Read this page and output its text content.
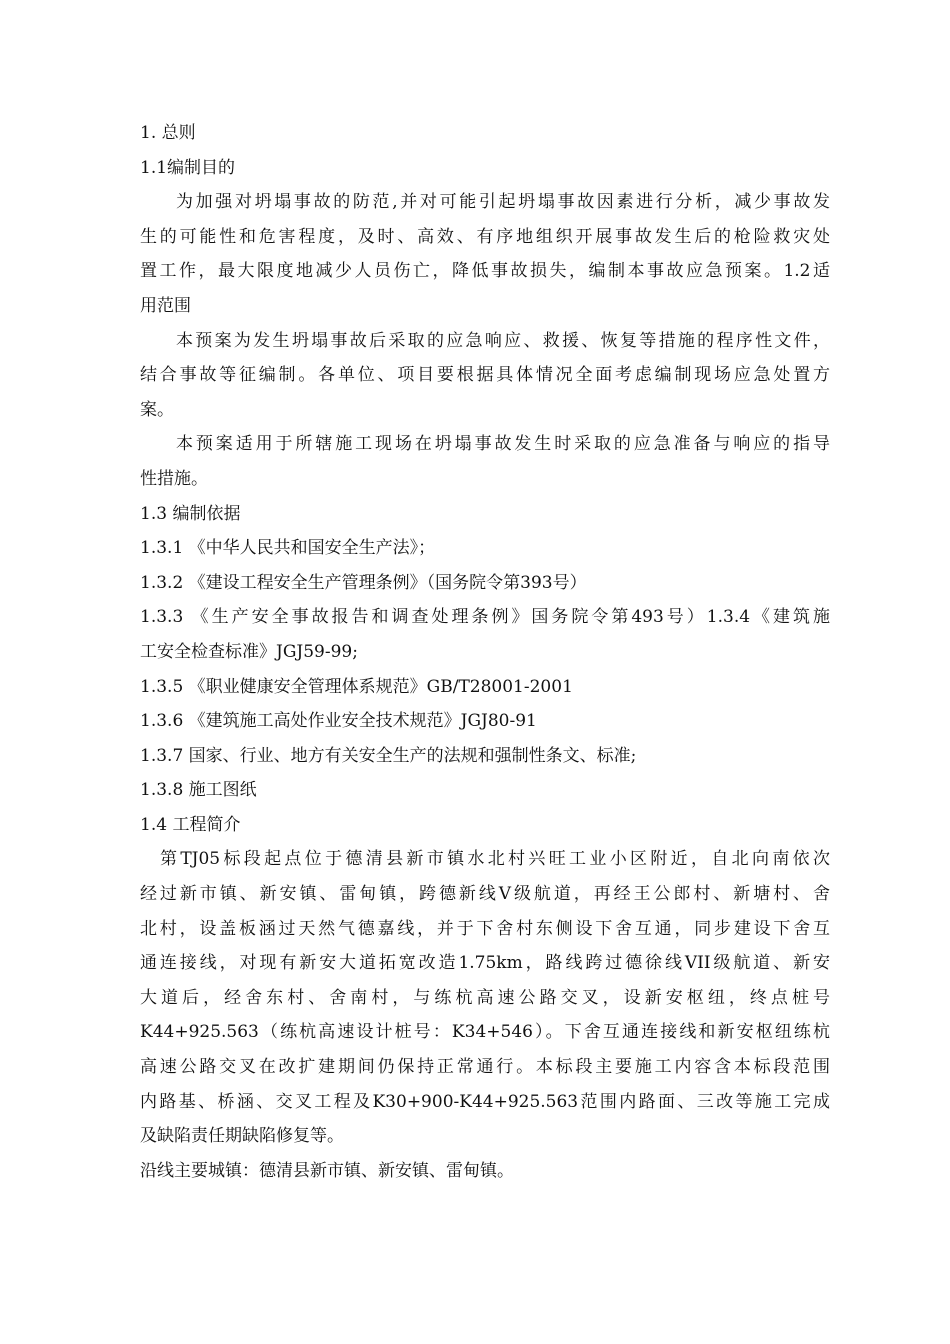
1. 总则

1.1编制目的

为加强对坍塌事故的防范,并对可能引起坍塌事故因素进行分析，减少事故发

生的可能性和危害程度，及时、高效、有序地组织开展事故发生后的枪险救灾处

置工作，最大限度地减少人员伤亡，降低事故损失，编制本事故应急预案。1.2适

用范围

本预案为发生坍塌事故后采取的应急响应、救援、恢复等措施的程序性文件，

结合事故等征编制。各单位、项目要根据具体情况全面考虑编制现场应急处置方

案。

本预案适用于所辖施工现场在坍塌事故发生时采取的应急准备与响应的指导

性措施。

1.3 编制依据

1.3.1 《中华人民共和国安全生产法》；

1.3.2 《建设工程安全生产管理条例》（国务院令第393号）

1.3.3 《生产安全事故报告和调查处理条例》国务院令第493号）1.3.4《建筑施

工安全检查标准》JGJ59-99;

1.3.5 《职业健康安全管理体系规范》GB/T28001-2001

1.3.6 《建筑施工高处作业安全技术规范》JGJ80-91

1.3.7 国家、行业、地方有关安全生产的法规和强制性条文、标准;

1.3.8 施工图纸

1.4 工程简介

第TJ05标段起点位于德清县新市镇水北村兴旺工业小区附近，自北向南依次

经过新市镇、新安镇、雷甸镇，跨德新线V级航道，再经王公郎村、新塘村、舍

北村，设盖板涵过天然气德嘉线，并于下舍村东侧设下舍互通，同步建设下舍互

通连接线，对现有新安大道拓宽改造1.75km，路线跨过德徐线VII级航道、新安

大道后，经舍东村、舍南村，与练杭高速公路交叉，设新安枢纽，终点桩号

K44+925.563（练杭高速设计桩号：K34+546）。下舍互通连接线和新安枢纽练杭

高速公路交叉在改扩建期间仍保持正常通行。本标段主要施工内容含本标段范围

内路基、桥涵、交叉工程及K30+900-K44+925.563范围内路面、三改等施工完成

及缺陷责任期缺陷修复等。

沿线主要城镇：德清县新市镇、新安镇、雷甸镇。
